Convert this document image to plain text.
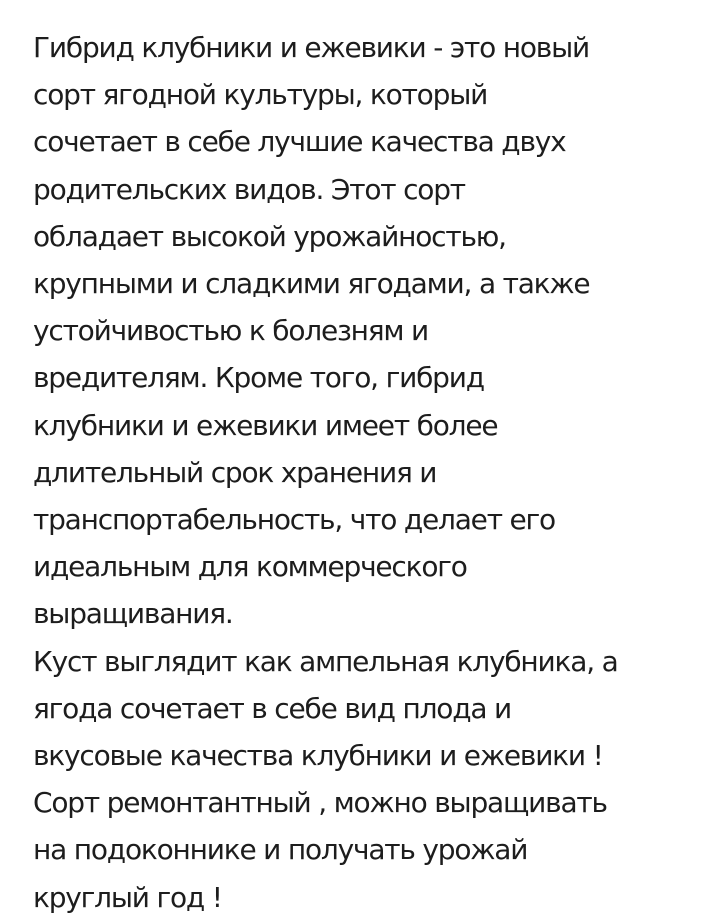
Гибрид клубники и ежевики - это новый
сорт ягодной культуры, который
сочетает в себе лучшие качества двух
родительских видов. Этот сорт
обладает высокой урожайностью,
крупными и сладкими ягодами, а также
устойчивостью к болезням и
вредителям. Кроме того, гибрид
клубники и ежевики имеет более
длительный срок хранения и
транспортабельность, что делает его
идеальным для коммерческого
выращивания.
Куст выглядит как ампельная клубника, а
ягода сочетает в себе вид плода и
вкусовые качества клубники и ежевики !
Сорт ремонтантный , можно выращивать
на подоконнике и получать урожай
круглый год !
